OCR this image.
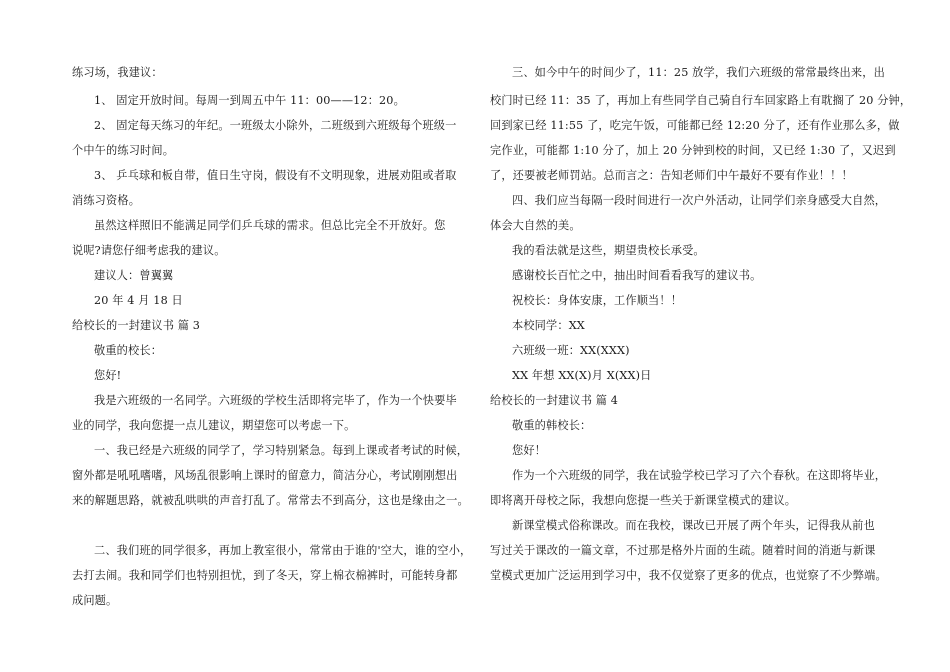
练习场，我建议：
1、 固定开放时间。每周一到周五中午 11：00——12：20。
2、 固定每天练习的年纪。一班级太小除外，二班级到六班级每个班级一
个中午的练习时间。
3、 乒乓球和板自带，值日生守岗，假设有不文明现象，进展劝阻或者取
消练习资格。
虽然这样照旧不能满足同学们乒乓球的需求。但总比完全不开放好。您
说呢?请您仔细考虑我的建议。
建议人：曾翼翼
20 年 4 月 18 日
给校长的一封建议书 篇 3
敬重的校长：
您好!
我是六班级的一名同学。六班级的学校生活即将完毕了，作为一个快要毕
业的同学，我向您提一点儿建议，期望您可以考虑一下。
一、我已经是六班级的同学了，学习特别紧急。每到上课或者考试的时候，
窗外都是吼吼嗜嗜，风场乱很影响上课时的留意力，简洁分心，考试刚刚想出
来的解题思路，就被乱哄哄的声音打乱了。常常去不到高分，这也是缘由之一。
二、我们班的同学很多，再加上教室很小，常常由于谁的'空大，谁的空小，
去打去闹。我和同学们也特别担忧，到了冬天，穿上棉衣棉裤时，可能转身都
成问题。
三、如今中午的时间少了，11：25 放学，我们六班级的常常最终出来，出
校门时已经 11：35 了，再加上有些同学自己骑自行车回家路上有耽搁了 20 分钟，
回到家已经 11:55 了，吃完午饭，可能都已经 12:20 分了，还有作业那么多，做
完作业，可能都 1:10 分了，加上 20 分钟到校的时间，又已经 1:30 了，又迟到
了，还要被老师罚站。总而言之：告知老师们中午最好不要有作业！！！
四、我们应当每隔一段时间进行一次户外活动，让同学们亲身感受大自然，
体会大自然的美。
我的看法就是这些，期望贵校长承受。
感谢校长百忙之中，抽出时间看看我写的建议书。
祝校长：身体安康，工作顺当！！
本校同学：XX
六班级一班：XX(XXX)
XX 年想 XX(X)月 X(XX)日
给校长的一封建议书 篇 4
敬重的韩校长：
您好！
作为一个六班级的同学，我在试验学校已学习了六个春秋。在这即将毕业，
即将离开母校之际，我想向您提一些关于新课堂模式的建议。
新课堂模式俗称课改。而在我校，课改已开展了两个年头，记得我从前也
写过关于课改的一篇文章，不过那是格外片面的生疏。随着时间的消逝与新课
堂模式更加广泛运用到学习中，我不仅觉察了更多的优点，也觉察了不少弊端。
